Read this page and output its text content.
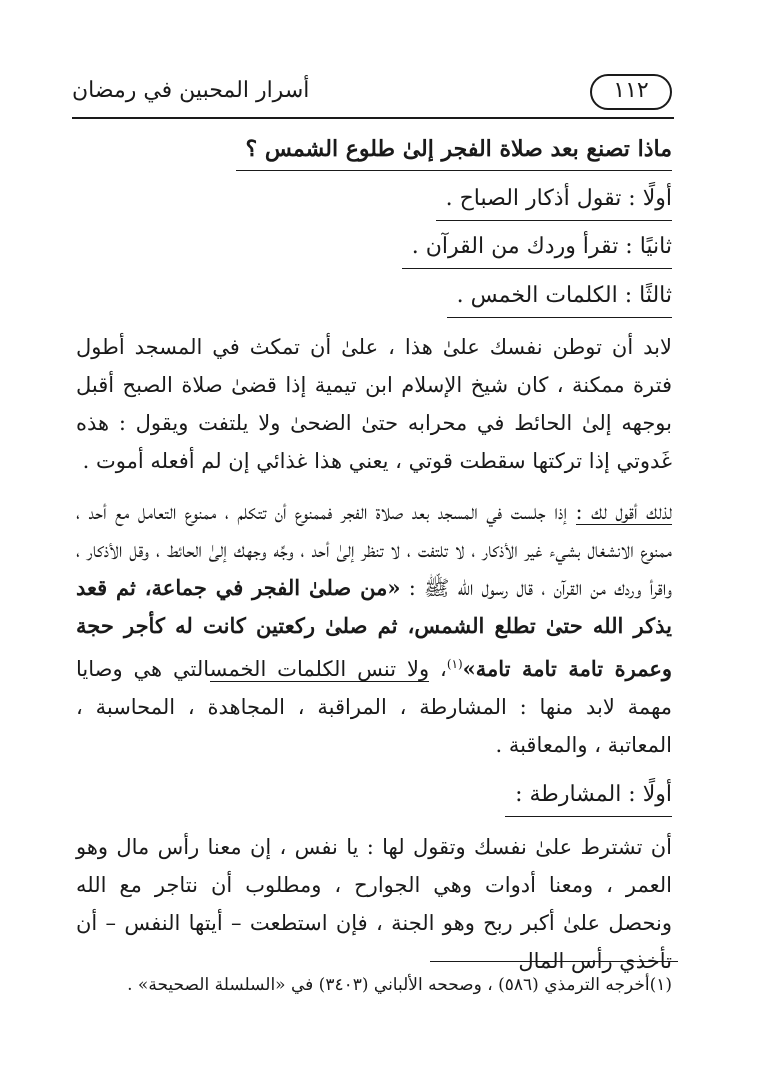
١١٢
أسرار المحبين في رمضان
ماذا تصنع بعد صلاة الفجر إلىٰ طلوع الشمس ؟
أولًا : تقول أذكار الصباح .
ثانيًا : تقرأ وردك من القرآن .
ثالثًا : الكلمات الخمس .
لابد أن توطن نفسك علىٰ هذا ، علىٰ أن تمكث في المسجد أطول فترة ممكنة ، كان شيخ الإسلام ابن تيمية إذا قضىٰ صلاة الصبح أقبل بوجهه إلىٰ الحائط في محرابه حتىٰ الضحىٰ ولا يلتفت ويقول : هذه غَدوتي إذا تركتها سقطت قوتي ، يعني هذا غذائي إن لم أفعله أموت .
لذلك أقول لك : إذا جلست في المسجد بعد صلاة الفجر فممنوع أن تتكلم ، ممنوع التعامل مع أحد ، ممنوع الانشغال بشيء غير الأذكار ، لا تلتفت ، لا تنظر إلىٰ أحد ، وجِّه وجهك إلىٰ الحائط ، وقل الأذكار ، واقرأ وردك من القرآن ، قال رسول الله ﷺ : «من صلىٰ الفجر في جماعة، ثم قعد يذكر الله حتىٰ تطلع الشمس، ثم صلىٰ ركعتين كانت له كأجر حجة وعمرة تامة تامة تامة»$^{(١)}$، ولا تنس الكلمات الخمسالتي هي وصايا مهمة لابد منها : المشارطة ، المراقبة ، المجاهدة ، المحاسبة ، المعاتبة ، والمعاقبة .
أولًا : المشارطة :
أن تشترط علىٰ نفسك وتقول لها : يا نفس ، إن معنا رأس مال وهو العمر ، ومعنا أدوات وهي الجوارح ، ومطلوب أن نتاجر مع الله ونحصل علىٰ أكبر ربح وهو الجنة ، فإن استطعت – أيتها النفس – أن تأخذي رأس المال
(١)أخرجه الترمذي (٥٨٦) ، وصححه الألباني (٣٤٠٣) في «السلسلة الصحيحة» .
